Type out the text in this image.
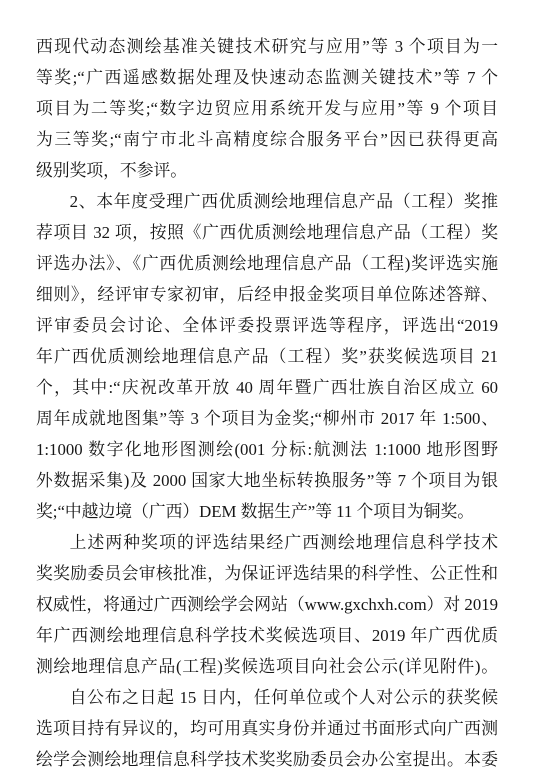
西现代动态测绘基准关键技术研究与应用”等 3 个项目为一
等奖;“广西遥感数据处理及快速动态监测关键技术”等 7 个
项目为二等奖;“数字边贸应用系统开发与应用”等 9 个项目
为三等奖;“南宁市北斗高精度综合服务平台”因已获得更高
级别奖项，不参评。
2、本年度受理广西优质测绘地理信息产品（工程）奖推
荐项目 32 项，按照《广西优质测绘地理信息产品（工程）奖
评选办法》、《广西优质测绘地理信息产品（工程)奖评选实施
细则》，经评审专家初审，后经申报金奖项目单位陈述答辩、
评审委员会讨论、全体评委投票评选等程序，评选出“2019
年广西优质测绘地理信息产品（工程）奖”获奖候选项目 21
个，其中:“庆祝改革开放 40 周年暨广西壮族自治区成立 60
周年成就地图集”等 3 个项目为金奖;“柳州市 2017 年 1:500、
1:1000 数字化地形图测绘(001 分标:航测法 1:1000 地形图野
外数据采集)及 2000 国家大地坐标转换服务”等 7 个项目为银
奖;“中越边境（广西）DEM 数据生产”等 11 个项目为铜奖。
上述两种奖项的评选结果经广西测绘地理信息科学技术
奖奖励委员会审核批准，为保证评选结果的科学性、公正性和
权威性，将通过广西测绘学会网站（www.gxchxh.com）对 2019
年广西测绘地理信息科学技术奖候选项目、2019 年广西优质
测绘地理信息产品(工程)奖候选项目向社会公示(详见附件)。
自公布之日起 15 日内，任何单位或个人对公示的获奖候
选项目持有异议的，均可用真实身份并通过书面形式向广西测
绘学会测绘地理信息科学技术奖奖励委员会办公室提出。本委
